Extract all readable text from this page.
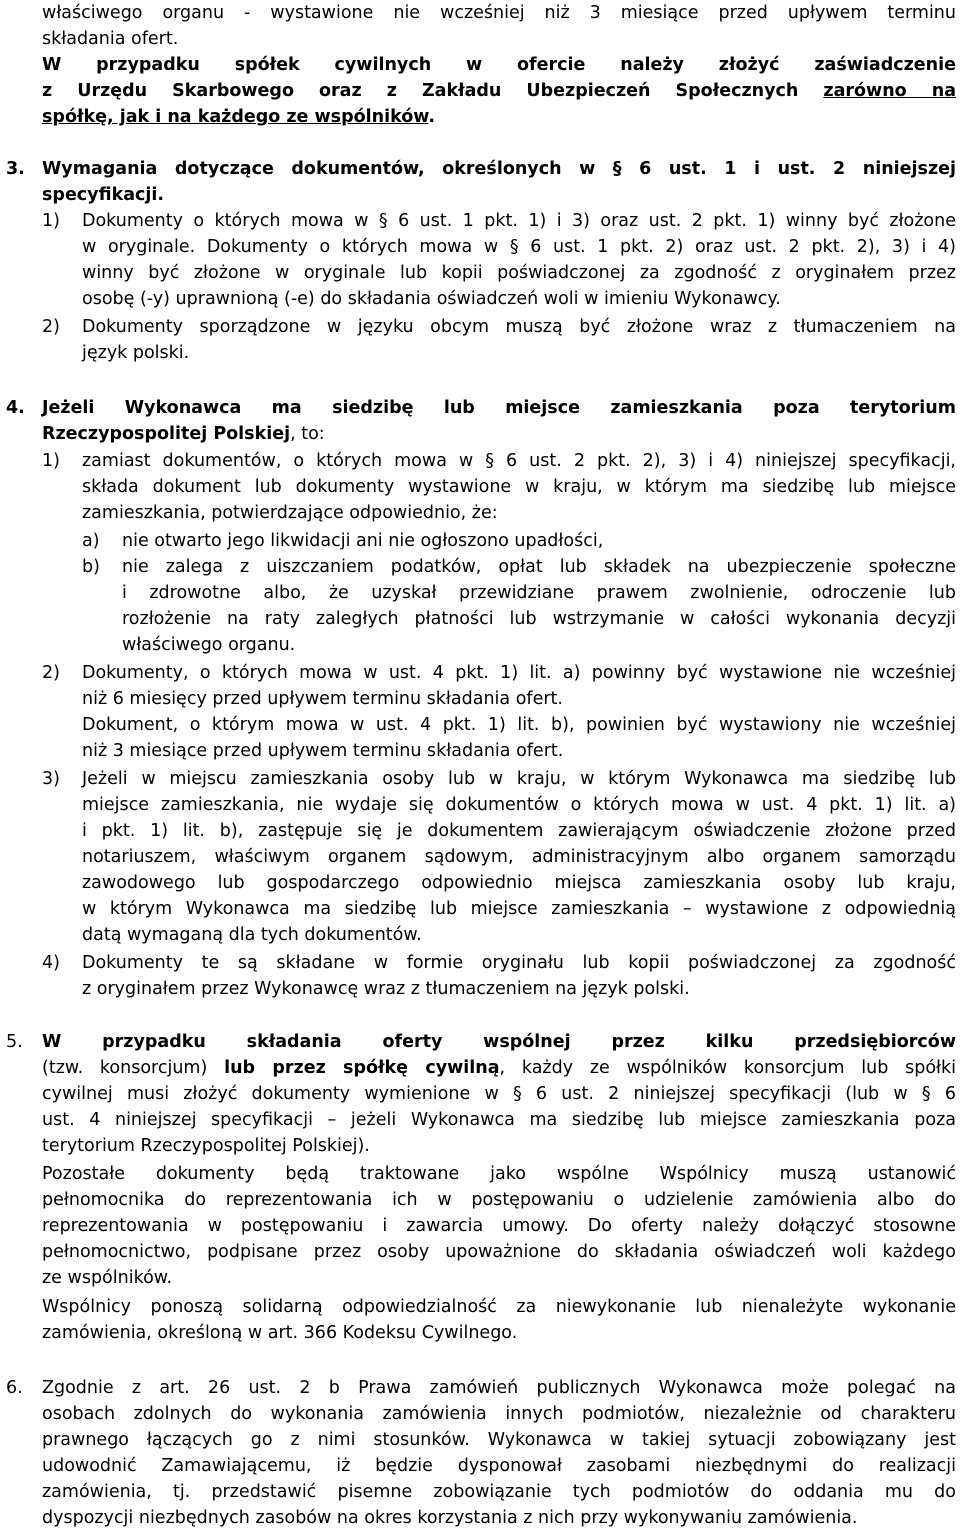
właściwego organu - wystawione nie wcześniej niż 3 miesiące przed upływem terminu
składania ofert.
W przypadku spółek cywilnych w ofercie należy złożyć zaświadczenie
z Urzędu Skarbowego oraz z Zakładu Ubezpieczeń Społecznych zarówno na
spółkę, jak i na każdego ze wspólników.
3. Wymagania dotyczące dokumentów, określonych w § 6 ust. 1 i ust. 2 niniejszej
specyfikacji.
1) Dokumenty o których mowa w § 6 ust. 1 pkt. 1) i 3) oraz ust. 2 pkt. 1) winny być złożone
w oryginale. Dokumenty o których mowa w § 6 ust. 1 pkt. 2) oraz ust. 2 pkt. 2), 3) i 4)
winny być złożone w oryginale lub kopii poświadczonej za zgodność z oryginałem przez
osobę (-y) uprawnioną (-e) do składania oświadczeń woli w imieniu Wykonawcy.
2) Dokumenty sporządzone w języku obcym muszą być złożone wraz z tłumaczeniem na
język polski.
4. Jeżeli Wykonawca ma siedzibę lub miejsce zamieszkania poza terytorium
Rzeczypospolitej Polskiej, to:
1) zamiast dokumentów, o których mowa w § 6 ust. 2 pkt. 2), 3) i 4) niniejszej specyfikacji,
składa dokument lub dokumenty wystawione w kraju, w którym ma siedzibę lub miejsce
zamieszkania, potwierdzające odpowiednio, że:
a) nie otwarto jego likwidacji ani nie ogłoszono upadłości,
b) nie zalega z uiszczaniem podatków, opłat lub składek na ubezpieczenie społeczne
i zdrowotne albo, że uzyskał przewidziane prawem zwolnienie, odroczenie lub
rozłożenie na raty zaległych płatności lub wstrzymanie w całości wykonania decyzji
właściwego organu.
2) Dokumenty, o których mowa w ust. 4 pkt. 1) lit. a) powinny być wystawione nie wcześniej
niż 6 miesięcy przed upływem terminu składania ofert.
Dokument, o którym mowa w ust. 4 pkt. 1) lit. b), powinien być wystawiony nie wcześniej
niż 3 miesiące przed upływem terminu składania ofert.
3) Jeżeli w miejscu zamieszkania osoby lub w kraju, w którym Wykonawca ma siedzibę lub
miejsce zamieszkania, nie wydaje się dokumentów o których mowa w ust. 4 pkt. 1) lit. a)
i pkt. 1) lit. b), zastępuje się je dokumentem zawierającym oświadczenie złożone przed
notariuszem, właściwym organem sądowym, administracyjnym albo organem samorządu
zawodowego lub gospodarczego odpowiednio miejsca zamieszkania osoby lub kraju,
w którym Wykonawca ma siedzibę lub miejsce zamieszkania – wystawione z odpowiednią
datą wymaganą dla tych dokumentów.
4) Dokumenty te są składane w formie oryginału lub kopii poświadczonej za zgodność
z oryginałem przez Wykonawcę wraz z tłumaczeniem na język polski.
5. W przypadku składania oferty wspólnej przez kilku przedsiębiorców
(tzw. konsorcjum) lub przez spółkę cywilną, każdy ze wspólników konsorcjum lub spółki
cywilnej musi złożyć dokumenty wymienione w § 6 ust. 2 niniejszej specyfikacji (lub w § 6
ust. 4 niniejszej specyfikacji – jeżeli Wykonawca ma siedzibę lub miejsce zamieszkania poza
terytorium Rzeczypospolitej Polskiej).
Pozostałe dokumenty będą traktowane jako wspólne Wspólnicy muszą ustanowić
pełnomocnika do reprezentowania ich w postępowaniu o udzielenie zamówienia albo do
reprezentowania w postępowaniu i zawarcia umowy. Do oferty należy dołączyć stosowne
pełnomocnictwo, podpisane przez osoby upoważnione do składania oświadczeń woli każdego
ze wspólników.
Wspólnicy ponoszą solidarną odpowiedzialność za niewykonanie lub nienależyte wykonanie
zamówienia, określoną w art. 366 Kodeksu Cywilnego.
6. Zgodnie z art. 26 ust. 2 b Prawa zamówień publicznych Wykonawca może polegać na
osobach zdolnych do wykonania zamówienia innych podmiotów, niezależnie od charakteru
prawnego łączących go z nimi stosunków. Wykonawca w takiej sytuacji zobowiązany jest
udowodnić Zamawiającemu, iż będzie dysponował zasobami niezbędnymi do realizacji
zamówienia, tj. przedstawić pisemne zobowiązanie tych podmiotów do oddania mu do
dyspozycji niezbędnych zasobów na okres korzystania z nich przy wykonywaniu zamówienia.
